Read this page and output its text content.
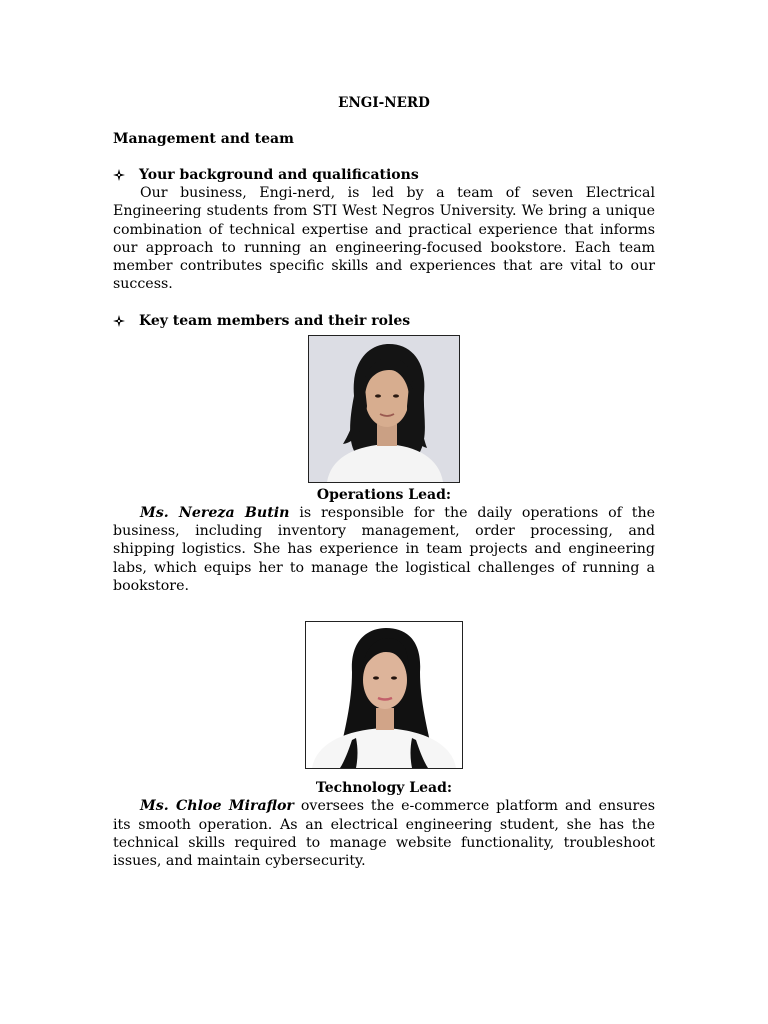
ENGI-NERD
Management and team
Your background and qualifications

Our business, Engi-nerd, is led by a team of seven Electrical Engineering students from STI West Negros University. We bring a unique combination of technical expertise and practical experience that informs our approach to running an engineering-focused bookstore. Each team member contributes specific skills and experiences that are vital to our success.

Key team members and their roles

Operations Lead:

Ms. Nereza Butin is responsible for the daily operations of the business, including inventory management, order processing, and shipping logistics. She has experience in team projects and engineering labs, which equips her to manage the logistical challenges of running a bookstore.

Technology Lead:

Ms. Chloe Miraflor oversees the e-commerce platform and ensures its smooth operation. As an electrical engineering student, she has the technical skills required to manage website functionality, troubleshoot issues, and maintain cybersecurity.
